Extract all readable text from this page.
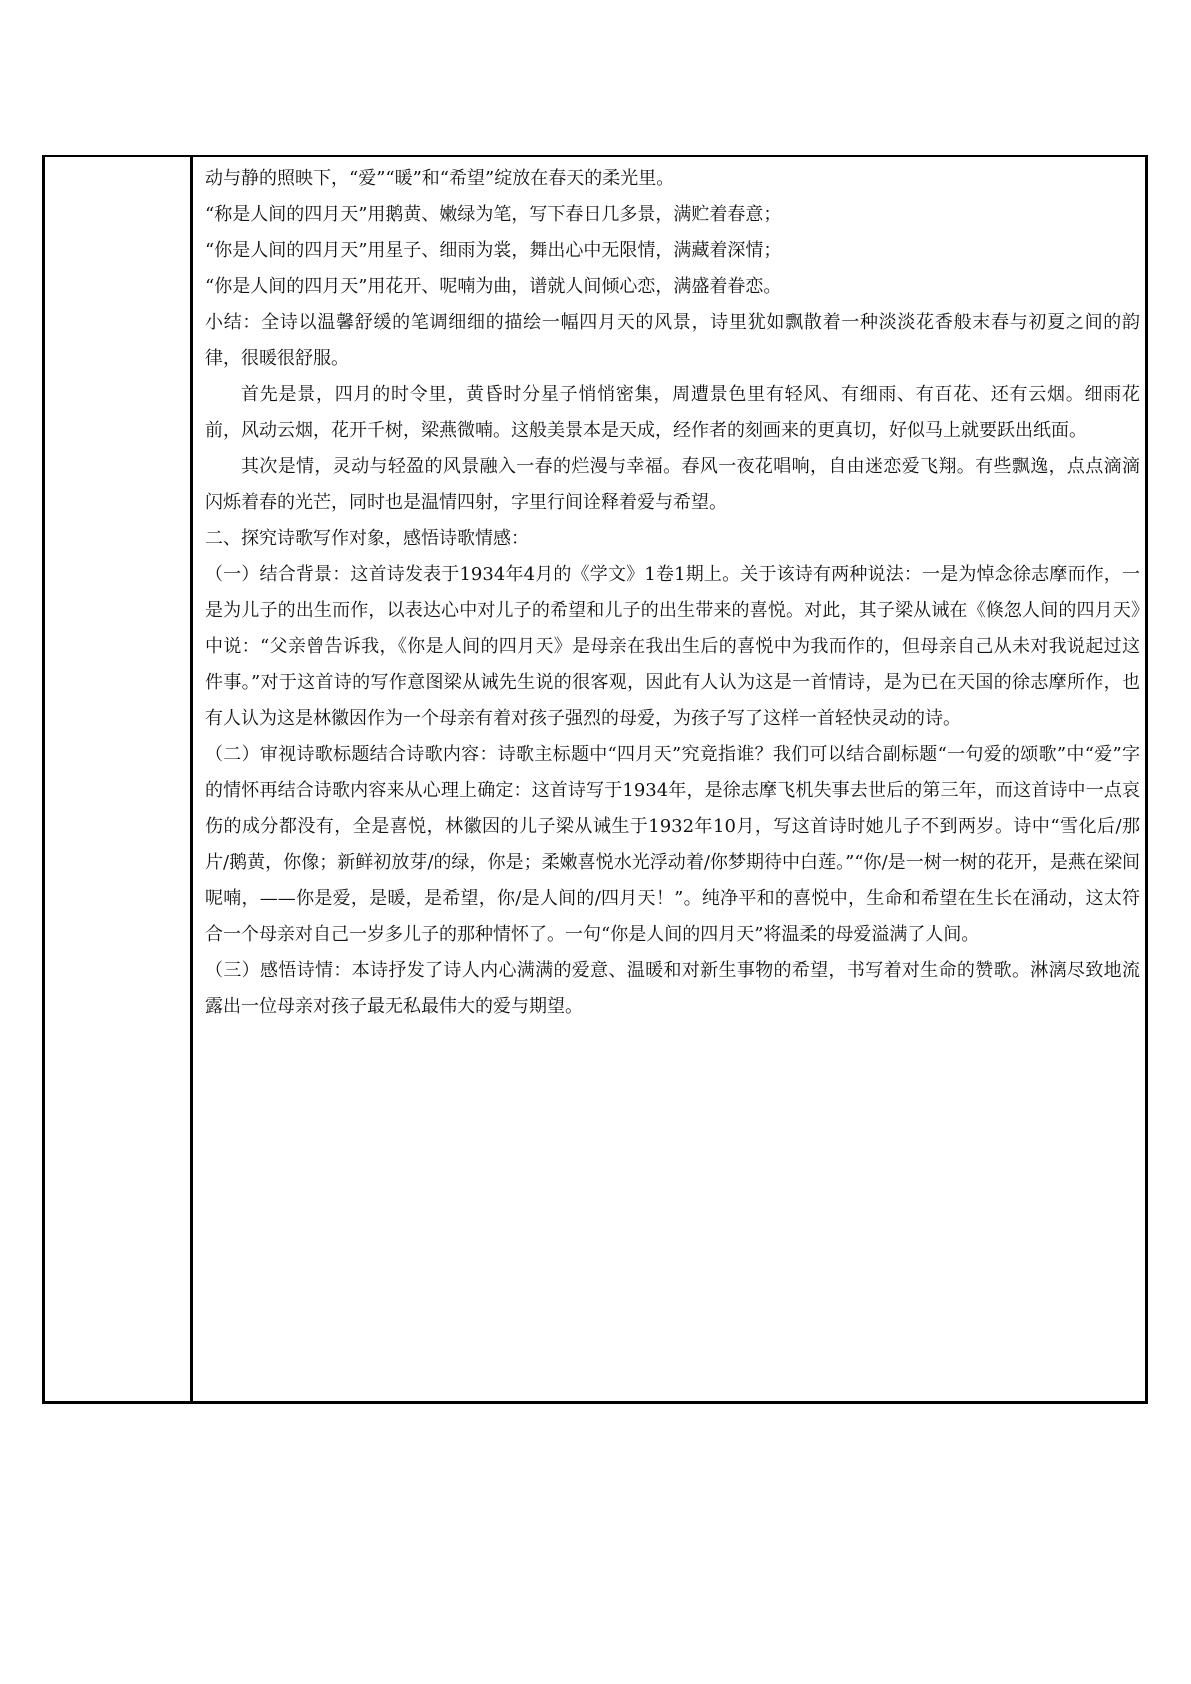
动与静的照映下，“爱”“暖”和“希望”绽放在春天的柔光里。

“称是人间的四月天”用鹅黄、嫩绿为笔，写下春日几多景，满贮着春意；

“你是人间的四月天”用星子、细雨为裳，舞出心中无限情，满藏着深情；

“你是人间的四月天”用花开、呢喃为曲，谱就人间倾心恋，满盛着眷恋。

小结：全诗以温馨舒缓的笔调细细的描绘一幅四月天的风景，诗里犹如飘散着一种淡淡花香般末春与初夏之间的韵律，很暖很舒服。

首先是景，四月的时令里，黄昏时分星子悄悄密集，周遭景色里有轻风、有细雨、有百花、还有云烟。细雨花前，风动云烟，花开千树，梁燕微喃。这般美景本是天成，经作者的刻画来的更真切，好似马上就要跃出纸面。

其次是情，灵动与轻盈的风景融入一春的烂漫与幸福。春风一夜花唱响，自由迷恋爱飞翔。有些飘逸，点点滴滴闪烁着春的光芒，同时也是温情四射，字里行间诠释着爱与希望。

二、探究诗歌写作对象，感悟诗歌情感：

（一）结合背景：这首诗发表于1934年4月的《学文》1卷1期上。关于该诗有两种说法：一是为悼念徐志摩而作，一是为儿子的出生而作，以表达心中对儿子的希望和儿子的出生带来的喜悦。对此，其子梁从诫在《倏忽人间的四月天》中说：“父亲曾告诉我，《你是人间的四月天》是母亲在我出生后的喜悦中为我而作的，但母亲自己从未对我说起过这件事。”对于这首诗的写作意图梁从诫先生说的很客观，因此有人认为这是一首情诗，是为已在天国的徐志摩所作，也有人认为这是林徽因作为一个母亲有着对孩子强烈的母爱，为孩子写了这样一首轻快灵动的诗。

（二）审视诗歌标题结合诗歌内容：诗歌主标题中“四月天”究竟指谁？我们可以结合副标题“一句爱的颂歌”中“爱”字的情怀再结合诗歌内容来从心理上确定：这首诗写于1934年，是徐志摩飞机失事去世后的第三年，而这首诗中一点哀伤的成分都没有，全是喜悦，林徽因的儿子梁从诫生于1932年10月，写这首诗时她儿子不到两岁。诗中“雪化后/那片/鹅黄，你像；新鲜初放芽/的绿，你是；柔嫩喜悦水光浮动着/你梦期待中白莲。”“你/是一树一树的花开，是燕在梁间呢喃，——你是爱，是暖，是希望，你/是人间的/四月天！”。纯净平和的喜悦中，生命和希望在生长在涌动，这太符合一个母亲对自己一岁多儿子的那种情怀了。一句“你是人间的四月天”将温柔的母爱溢满了人间。

（三）感悟诗情：本诗抒发了诗人内心满满的爱意、温暖和对新生事物的希望，书写着对生命的赞歌。淋漓尽致地流露出一位母亲对孩子最无私最伟大的爱与期望。
